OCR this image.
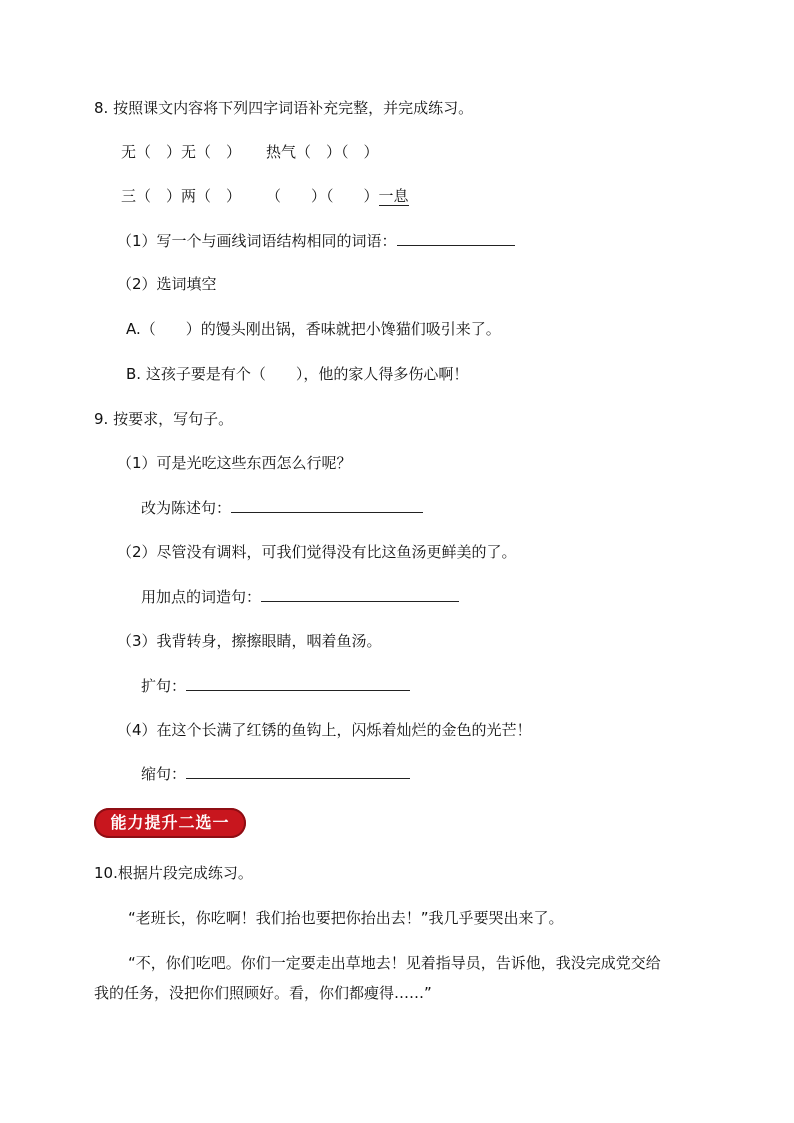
8. 按照课文内容将下列四字词语补充完整，并完成练习。
无（　）无（　） 热气（　）（　）
三（　）两（　） （　　）（　　）一息
（1）写一个与画线词语结构相同的词语：
（2）选词填空
A.（　　）的馒头刚出锅，香味就把小馋猫们吸引来了。
B. 这孩子要是有个（　　），他的家人得多伤心啊！
9. 按要求，写句子。
（1）可是光吃这些东西怎么行呢？
改为陈述句：
（2）尽管没有调料，可我们觉得没有比这鱼汤更鲜美的了。
用加点的词造句：
（3）我背转身，擦擦眼睛，咽着鱼汤。
扩句：
（4）在这个长满了红锈的鱼钩上，闪烁着灿烂的金色的光芒！
缩句：
能力提升二选一
10.根据片段完成练习。
“老班长，你吃啊！我们抬也要把你抬出去！”我几乎要哭出来了。
“不，你们吃吧。你们一定要走出草地去！见着指导员，告诉他，我没完成党交给
我的任务，没把你们照顾好。看，你们都瘦得……”
